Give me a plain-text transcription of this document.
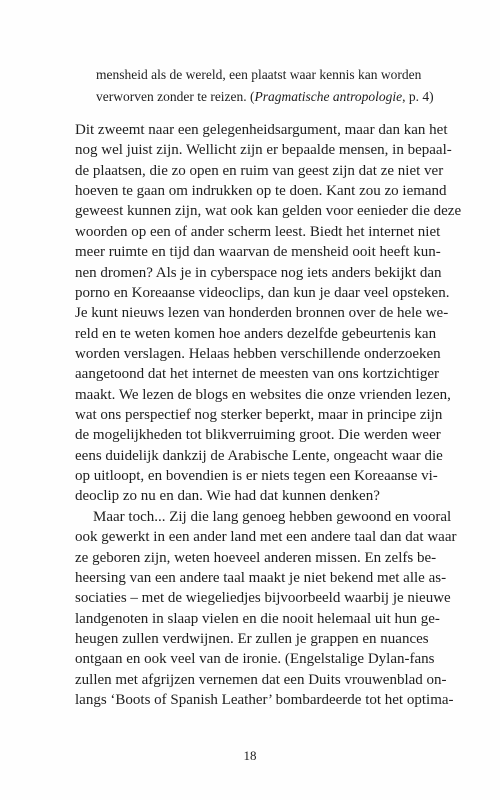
mensheid als de wereld, een plaatst waar kennis kan worden

verworven zonder te reizen. (Pragmatische antropologie, p. 4)

Dit zweemt naar een gelegenheidsargument, maar dan kan het

nog wel juist zijn. Wellicht zijn er bepaalde mensen, in bepaal-

de plaatsen, die zo open en ruim van geest zijn dat ze niet ver

hoeven te gaan om indrukken op te doen. Kant zou zo iemand

geweest kunnen zijn, wat ook kan gelden voor eenieder die deze

woorden op een of ander scherm leest. Biedt het internet niet

meer ruimte en tijd dan waarvan de mensheid ooit heeft kun-

nen dromen? Als je in cyberspace nog iets anders bekijkt dan

porno en Koreaanse videoclips, dan kun je daar veel opsteken.

Je kunt nieuws lezen van honderden bronnen over de hele we-

reld en te weten komen hoe anders dezelfde gebeurtenis kan

worden verslagen. Helaas hebben verschillende onderzoeken

aangetoond dat het internet de meesten van ons kortzichtiger

maakt. We lezen de blogs en websites die onze vrienden lezen,

wat ons perspectief nog sterker beperkt, maar in principe zijn

de mogelijkheden tot blikverruiming groot. Die werden weer

eens duidelijk dankzij de Arabische Lente, ongeacht waar die

op uitloopt, en bovendien is er niets tegen een Koreaanse vi-

deoclip zo nu en dan. Wie had dat kunnen denken?

Maar toch... Zij die lang genoeg hebben gewoond en vooral

ook gewerkt in een ander land met een andere taal dan dat waar

ze geboren zijn, weten hoeveel anderen missen. En zelfs be-

heersing van een andere taal maakt je niet bekend met alle as-

sociaties – met de wiegeliedjes bijvoorbeeld waarbij je nieuwe

landgenoten in slaap vielen en die nooit helemaal uit hun ge-

heugen zullen verdwijnen. Er zullen je grappen en nuances

ontgaan en ook veel van de ironie. (Engelstalige Dylan-fans

zullen met afgrijzen vernemen dat een Duits vrouwenblad on-

langs ‘Boots of Spanish Leather’ bombardeerde tot het optima-

18
